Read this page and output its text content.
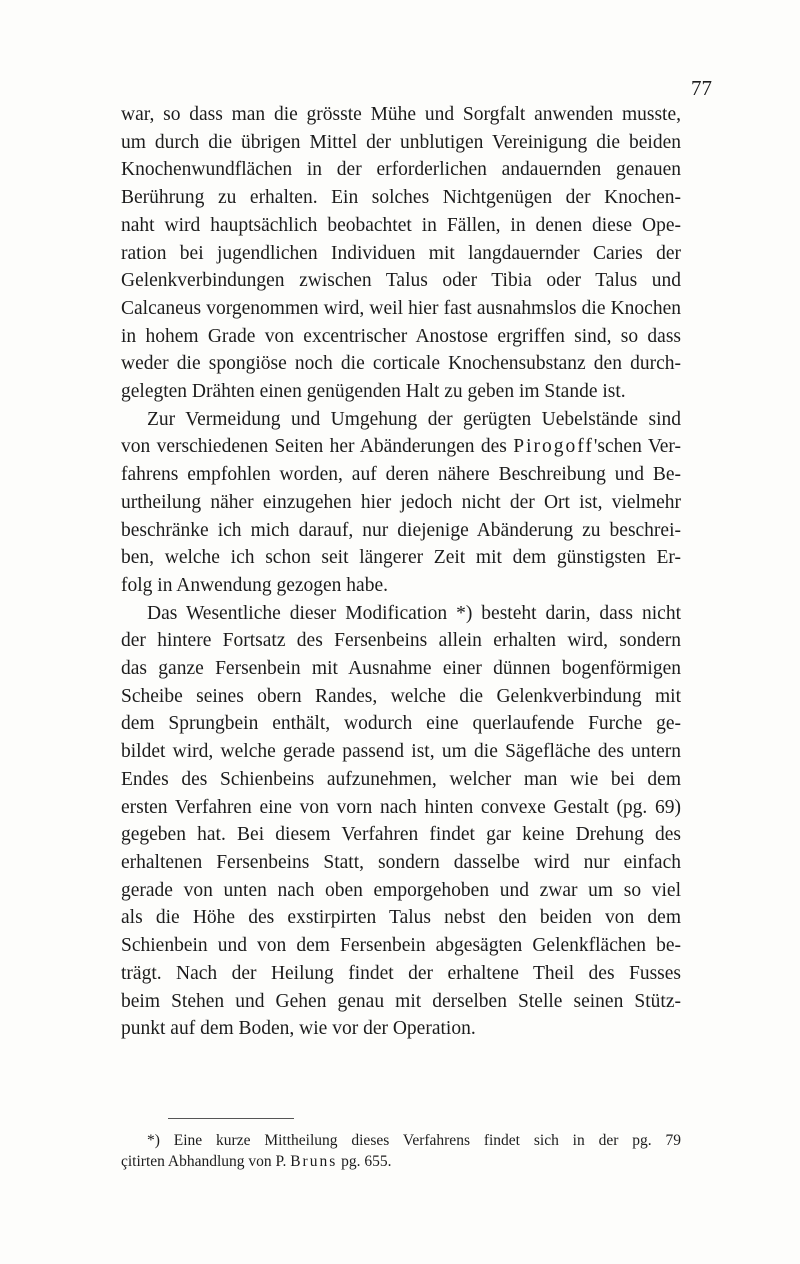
77
war, so dass man die grösste Mühe und Sorgfalt anwenden musste,
um durch die übrigen Mittel der unblutigen Vereinigung die beiden
Knochenwundflächen in der erforderlichen andauernden genauen
Berührung zu erhalten. Ein solches Nichtgenügen der Knochen-
naht wird hauptsächlich beobachtet in Fällen, in denen diese Ope-
ration bei jugendlichen Individuen mit langdauernder Caries der
Gelenkverbindungen zwischen Talus oder Tibia oder Talus und
Calcaneus vorgenommen wird, weil hier fast ausnahmslos die Knochen
in hohem Grade von excentrischer Anostose ergriffen sind, so dass
weder die spongiöse noch die corticale Knochensubstanz den durch-
gelegten Drähten einen genügenden Halt zu geben im Stande ist.
Zur Vermeidung und Umgehung der gerügten Uebelstände sind
von verschiedenen Seiten her Abänderungen des Pirogoff'schen Ver-
fahrens empfohlen worden, auf deren nähere Beschreibung und Be-
urtheilung näher einzugehen hier jedoch nicht der Ort ist, vielmehr
beschränke ich mich darauf, nur diejenige Abänderung zu beschrei-
ben, welche ich schon seit längerer Zeit mit dem günstigsten Er-
folg in Anwendung gezogen habe.
Das Wesentliche dieser Modification *) besteht darin, dass nicht
der hintere Fortsatz des Fersenbeins allein erhalten wird, sondern
das ganze Fersenbein mit Ausnahme einer dünnen bogenförmigen
Scheibe seines obern Randes, welche die Gelenkverbindung mit
dem Sprungbein enthält, wodurch eine querlaufende Furche ge-
bildet wird, welche gerade passend ist, um die Sägefläche des untern
Endes des Schienbeins aufzunehmen, welcher man wie bei dem
ersten Verfahren eine von vorn nach hinten convexe Gestalt (pg. 69)
gegeben hat. Bei diesem Verfahren findet gar keine Drehung des
erhaltenen Fersenbeins Statt, sondern dasselbe wird nur einfach
gerade von unten nach oben emporgehoben und zwar um so viel
als die Höhe des exstirpirten Talus nebst den beiden von dem
Schienbein und von dem Fersenbein abgesägten Gelenkflächen be-
trägt. Nach der Heilung findet der erhaltene Theil des Fusses
beim Stehen und Gehen genau mit derselben Stelle seinen Stütz-
punkt auf dem Boden, wie vor der Operation.
*) Eine kurze Mittheilung dieses Verfahrens findet sich in der pg. 79
çitirten Abhandlung von P. Bruns pg. 655.
